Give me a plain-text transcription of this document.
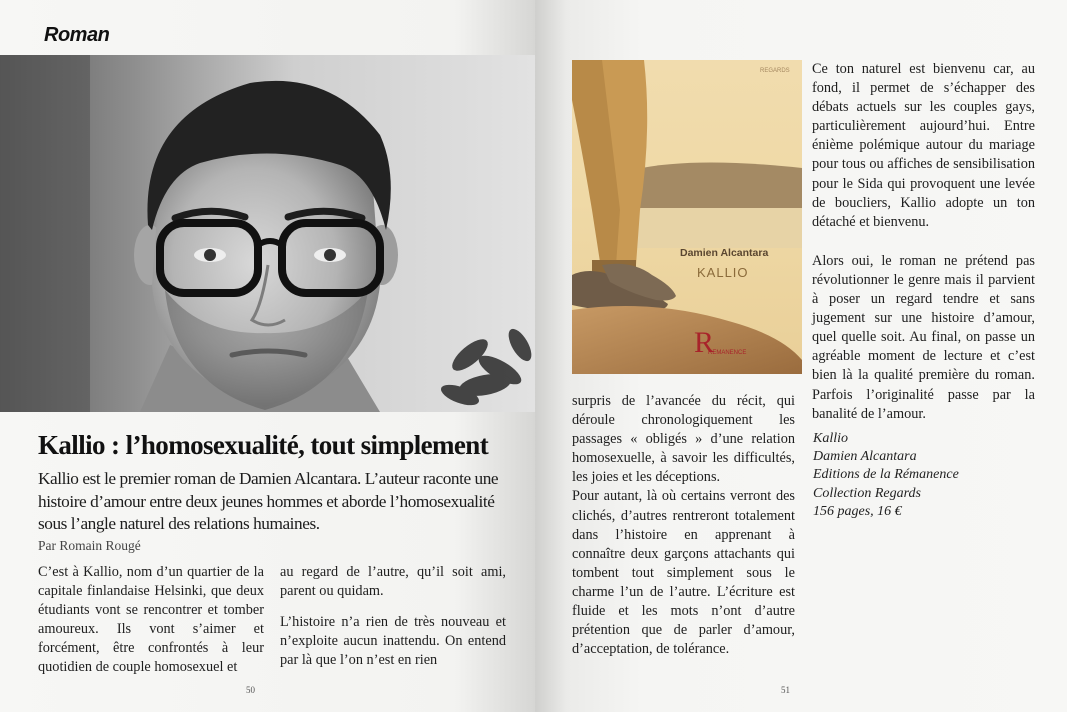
Roman
Kallio : l’homosexualité, tout simplement

Kallio est le premier roman de Damien Alcantara. L’auteur raconte une histoire d’amour entre deux jeunes hommes et aborde l’homosexualité sous l’angle naturel des relations humaines.

Par Romain Rougé

C’est à Kallio, nom d’un quartier de la capitale finlandaise Helsinki, que deux étudiants vont se rencontrer et tomber amoureux. Ils vont s’aimer et forcément, être confrontés à leur quotidien de couple homosexuel et

au regard de l’autre, qu’il soit ami, parent ou quidam.

L’histoire n’a rien de très nouveau et n’exploite aucun inattendu. On entend par là que l’on n’est en rien

50
R
REMANENCE
REGARDS
Damien Alcantara
KALLIO

surpris de l’avancée du récit, qui déroule chronologiquement les passages « obligés » d’une relation homosexuelle, à savoir les difficultés, les joies et les déceptions.

Pour autant, là où certains verront des clichés, d’autres rentreront totalement dans l’histoire en apprenant à connaître deux garçons attachants qui tombent tout simplement sous le charme l’un de l’autre. L’écriture est fluide et les mots n’ont d’autre prétention que de parler d’amour, d’acceptation, de tolérance.

Ce ton naturel est bienvenu car, au fond, il permet de s’échapper des débats actuels sur les couples gays, particulièrement aujourd’hui. Entre énième polémique autour du mariage pour tous ou affiches de sensibilisation pour le Sida qui provoquent une levée de boucliers, Kallio adopte un ton détaché et bienvenu.

Alors oui, le roman ne prétend pas révolutionner le genre mais il parvient à poser un regard tendre et sans jugement sur une histoire d’amour, quel quelle soit. Au final, on passe un agréable moment de lecture et c’est bien là la qualité première du roman. Parfois l’originalité passe par la banalité de l’amour.

Kallio
Damien Alcantara
Editions de la Rémanence
Collection Regards
156 pages, 16 €
51
